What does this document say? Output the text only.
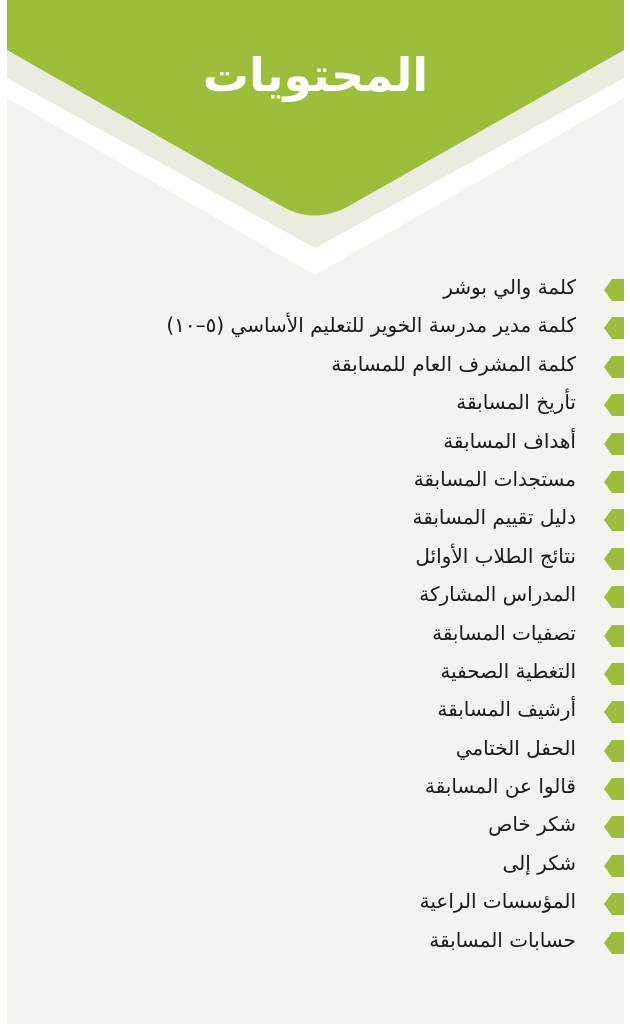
المحتويات
كلمة والي بوشر
كلمة مدير مدرسة الخوير للتعليم الأساسي (٥–١٠)
كلمة المشرف العام للمسابقة
تأريخ المسابقة
أهداف المسابقة
مستجدات المسابقة
دليل تقييم المسابقة
نتائج الطلاب الأوائل
المدراس المشاركة
تصفيات المسابقة
التغطية الصحفية
أرشيف المسابقة
الحفل الختامي
قالوا عن المسابقة
شكر خاص
شكر إلى
المؤسسات الراعية
حسابات المسابقة
